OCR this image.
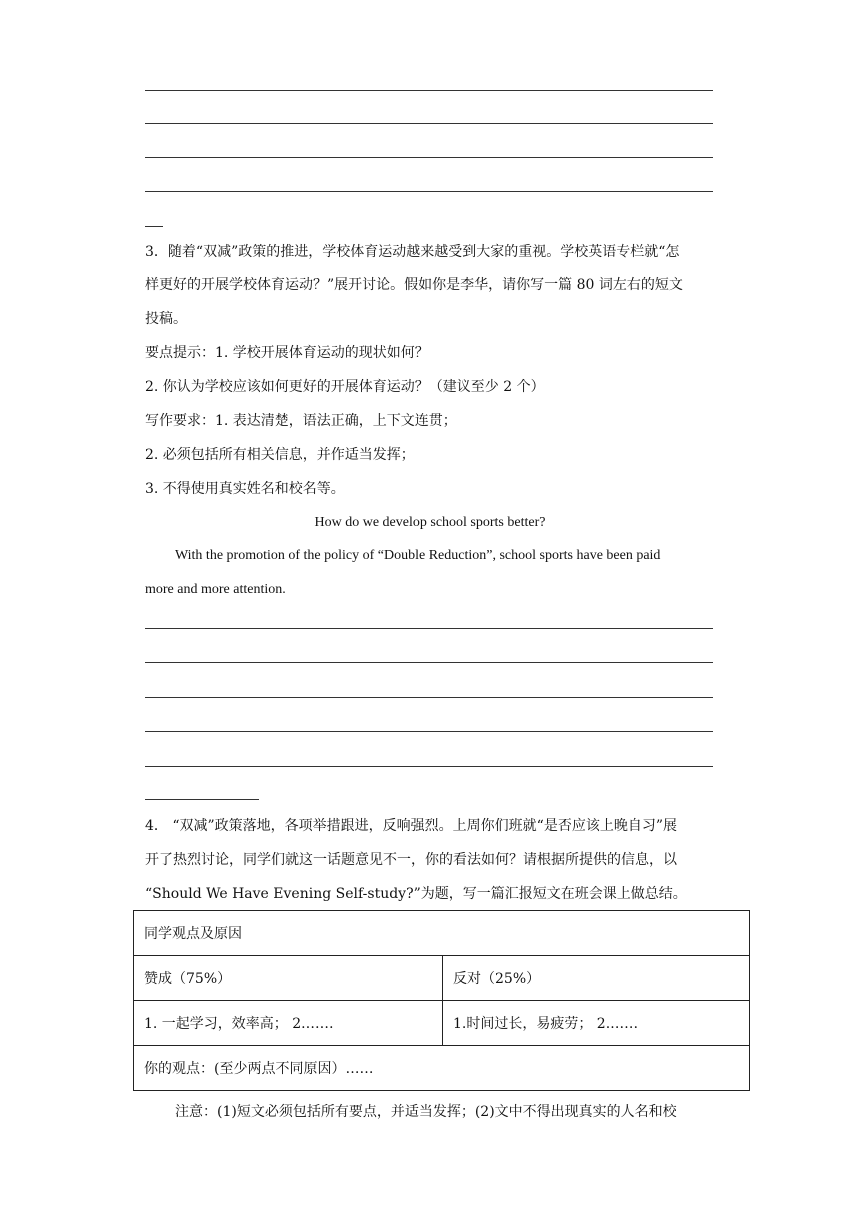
3．随着“双减”政策的推进，学校体育运动越来越受到大家的重视。学校英语专栏就“怎
样更好的开展学校体育运动？”展开讨论。假如你是李华，请你写一篇 80 词左右的短文
投稿。
要点提示：1. 学校开展体育运动的现状如何？
2. 你认为学校应该如何更好的开展体育运动？（建议至少 2 个）
写作要求：1. 表达清楚，语法正确，上下文连贯；
2. 必须包括所有相关信息，并作适当发挥；
3. 不得使用真实姓名和校名等。
How do we develop school sports better?
With the promotion of the policy of “Double Reduction”, school sports have been paid
more and more attention.
4． “双减”政策落地，各项举措跟进，反响强烈。上周你们班就“是否应该上晚自习”展
开了热烈讨论，同学们就这一话题意见不一，你的看法如何？请根据所提供的信息，以
“Should We Have Evening Self-study?”为题，写一篇汇报短文在班会课上做总结。
同学观点及原因	
赞成（75%）	反对（25%）
1. 一起学习，效率高； 2.……	1.时间过长，易疲劳； 2.……
你的观点：(至少两点不同原因）……	
注意：(1)短文必须包括所有要点，并适当发挥；(2)文中不得出现真实的人名和校
